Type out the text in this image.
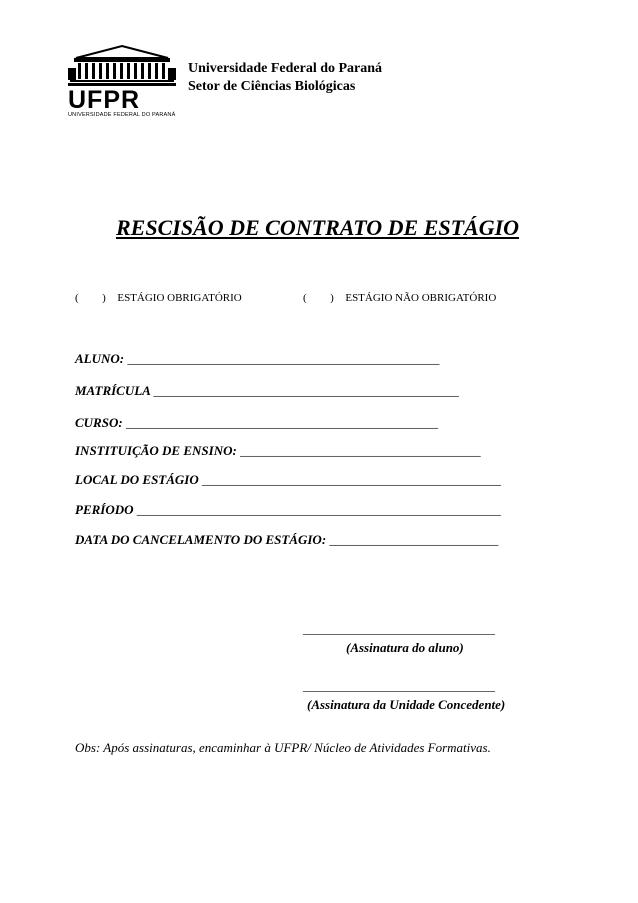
UFPR
UNIVERSIDADE FEDERAL DO PARANÁ
Universidade Federal do Paraná
Setor de Ciências Biológicas
RESCISÃO DE CONTRATO DE ESTÁGIO
( ) ESTÁGIO OBRIGATÓRIO	( ) ESTÁGIO NÃO OBRIGATÓRIO
ALUNO: ________________________________________________
MATRÍCULA _______________________________________________
CURSO: ________________________________________________
INSTITUIÇÃO DE ENSINO: _____________________________________
LOCAL DO ESTÁGIO ______________________________________________
PERÍODO ________________________________________________________
DATA DO CANCELAMENTO DO ESTÁGIO: __________________________
________________________________
(Assinatura do aluno)
________________________________
(Assinatura da Unidade Concedente)
Obs: Após assinaturas, encaminhar à UFPR/ Núcleo de Atividades Formativas.
